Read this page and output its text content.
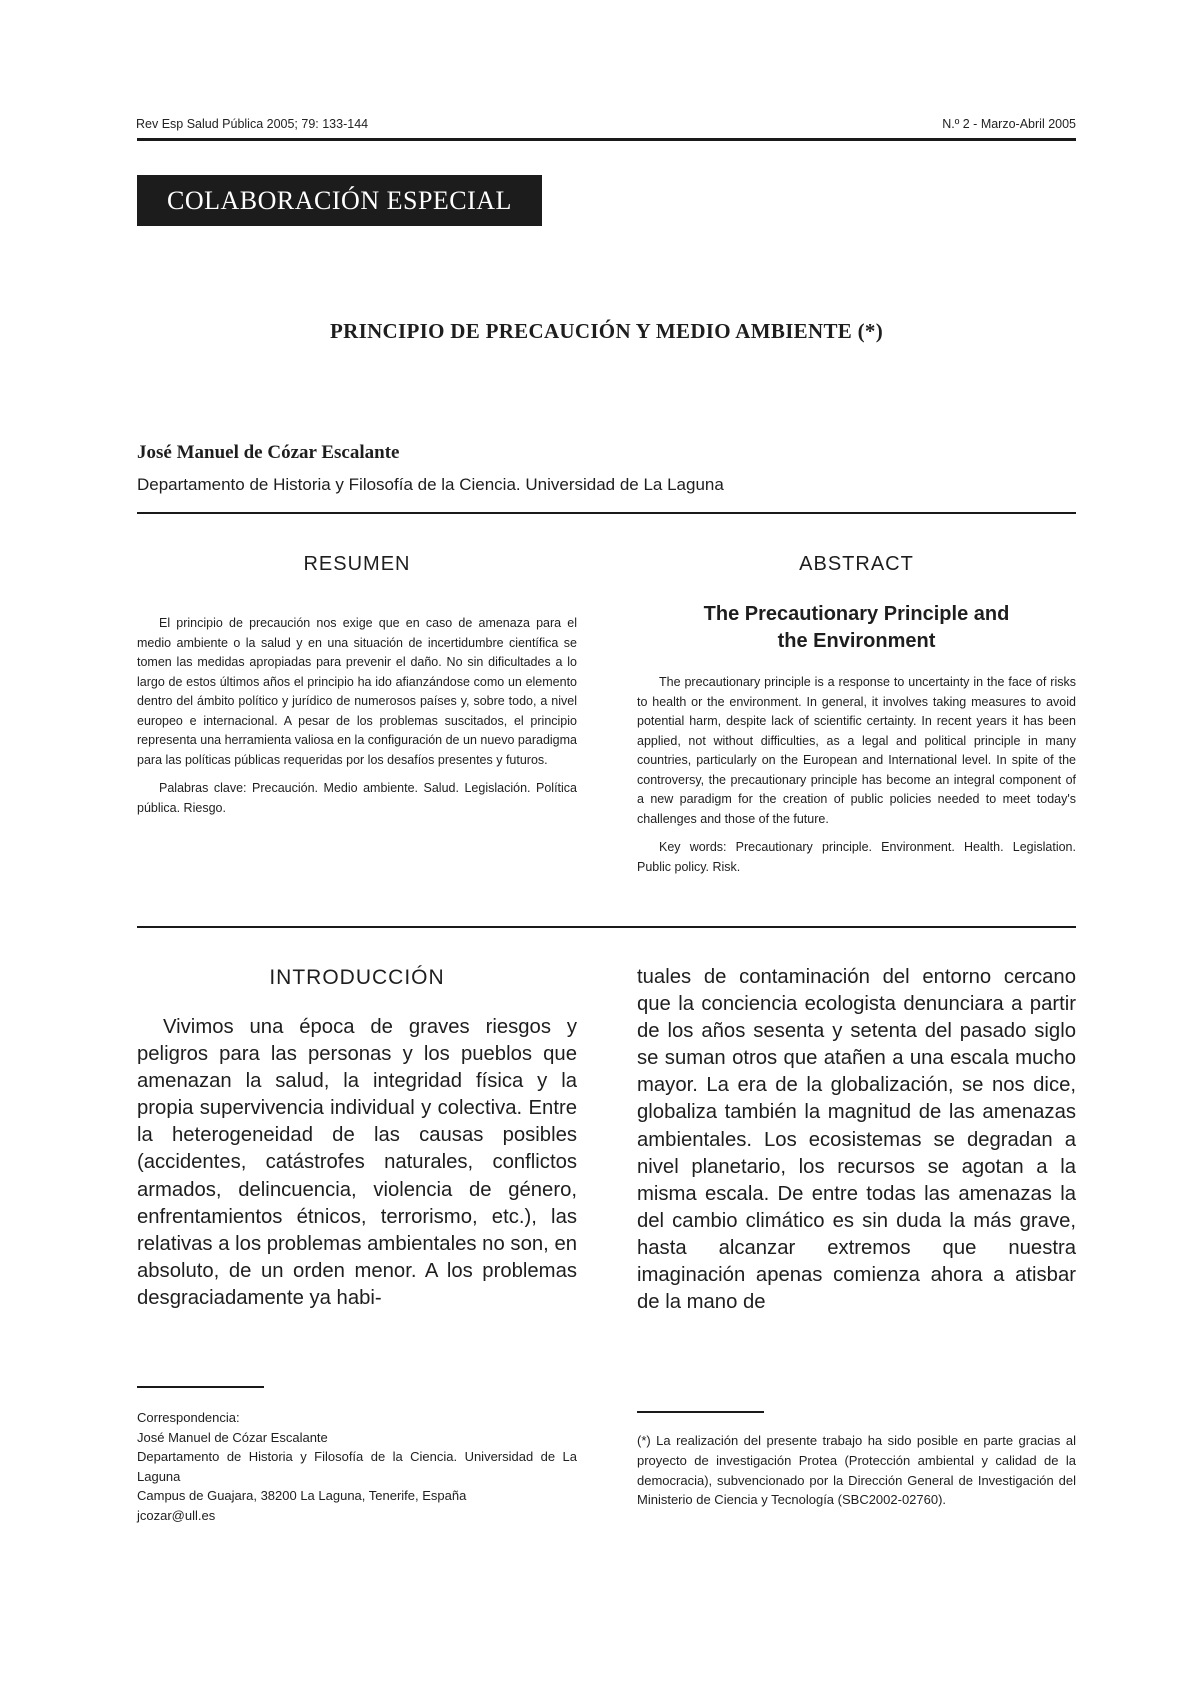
Rev Esp Salud Pública 2005; 79: 133-144	N.º 2 - Marzo-Abril 2005
COLABORACIÓN ESPECIAL
PRINCIPIO DE PRECAUCIÓN Y MEDIO AMBIENTE (*)
José Manuel de Cózar Escalante
Departamento de Historia y Filosofía de la Ciencia. Universidad de La Laguna
RESUMEN

El principio de precaución nos exige que en caso de amenaza para el medio ambiente o la salud y en una situación de incertidumbre científica se tomen las medidas apropiadas para prevenir el daño. No sin dificultades a lo largo de estos últimos años el principio ha ido afianzándose como un elemento dentro del ámbito político y jurídico de numerosos países y, sobre todo, a nivel europeo e internacional. A pesar de los problemas suscitados, el principio representa una herramienta valiosa en la configuración de un nuevo paradigma para las políticas públicas requeridas por los desafíos presentes y futuros.

Palabras clave: Precaución. Medio ambiente. Salud. Legislación. Política pública. Riesgo.

ABSTRACT
The Precautionary Principle and
the Environment

The precautionary principle is a response to uncertainty in the face of risks to health or the environment. In general, it involves taking measures to avoid potential harm, despite lack of scientific certainty. In recent years it has been applied, not without difficulties, as a legal and political principle in many countries, particularly on the European and International level. In spite of the controversy, the precautionary principle has become an integral component of a new paradigm for the creation of public policies needed to meet today's challenges and those of the future.

Key words: Precautionary principle. Environment. Health. Legislation. Public policy. Risk.

INTRODUCCIÓN

Vivimos una época de graves riesgos y peligros para las personas y los pueblos que amenazan la salud, la integridad física y la propia supervivencia individual y colectiva. Entre la heterogeneidad de las causas posibles (accidentes, catástrofes naturales, conflictos armados, delincuencia, violencia de género, enfrentamientos étnicos, terrorismo, etc.), las relativas a los problemas ambientales no son, en absoluto, de un orden menor. A los problemas desgraciadamente ya habi-

tuales de contaminación del entorno cercano que la conciencia ecologista denunciara a partir de los años sesenta y setenta del pasado siglo se suman otros que atañen a una escala mucho mayor. La era de la globalización, se nos dice, globaliza también la magnitud de las amenazas ambientales. Los ecosistemas se degradan a nivel planetario, los recursos se agotan a la misma escala. De entre todas las amenazas la del cambio climático es sin duda la más grave, hasta alcanzar extremos que nuestra imaginación apenas comienza ahora a atisbar de la mano de

Correspondencia:

José Manuel de Cózar Escalante

Departamento de Historia y Filosofía de la Ciencia. Universidad de La Laguna

Campus de Guajara, 38200 La Laguna, Tenerife, España

jcozar@ull.es

(*) La realización del presente trabajo ha sido posible en parte gracias al proyecto de investigación Protea (Protección ambiental y calidad de la democracia), subvencionado por la Dirección General de Investigación del Ministerio de Ciencia y Tecnología (SBC2002-02760).
